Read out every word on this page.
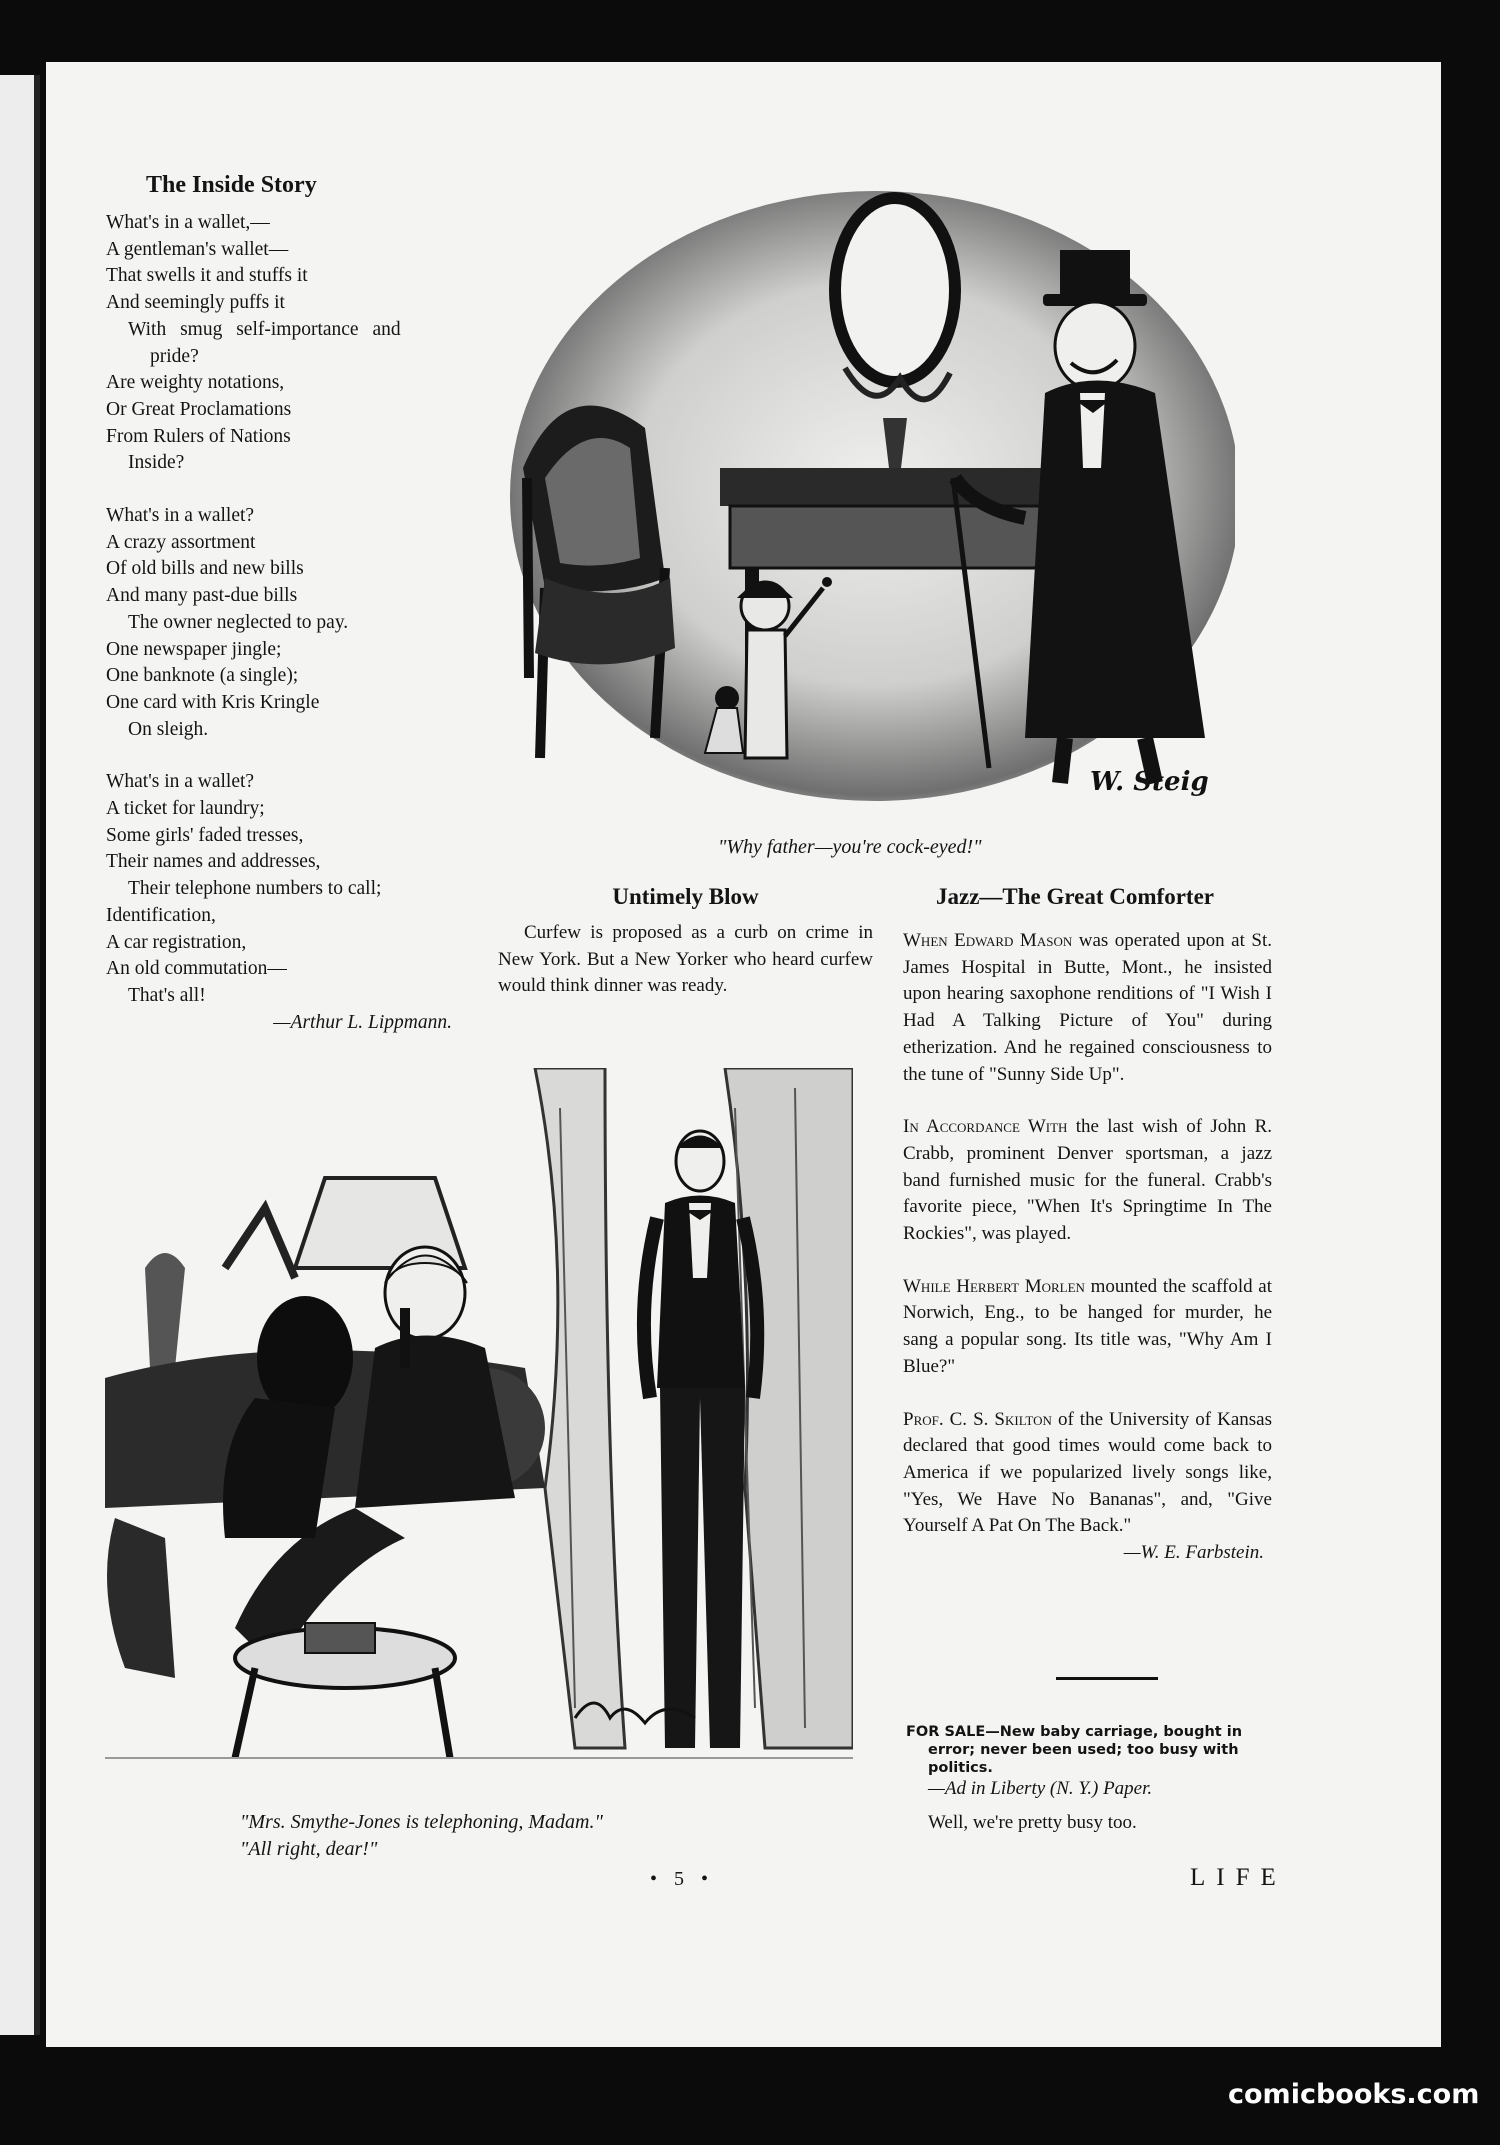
The Inside Story
What's in a wallet,—
A gentleman's wallet—
That swells it and stuffs it
And seemingly puffs it
With smug self-importance and
pride?
Are weighty notations,
Or Great Proclamations
From Rulers of Nations
Inside?
What's in a wallet?
A crazy assortment
Of old bills and new bills
And many past-due bills
The owner neglected to pay.
One newspaper jingle;
One banknote (a single);
One card with Kris Kringle
On sleigh.
What's in a wallet?
A ticket for laundry;
Some girls' faded tresses,
Their names and addresses,
Their telephone numbers to call;
Identification,
A car registration,
An old commutation—
That's all!
—Arthur L. Lippmann.
W. Steig
"Why father—you're cock-eyed!"
Untimely Blow
Curfew is proposed as a curb on crime in New York. But a New Yorker who heard curfew would think dinner was ready.
Jazz—The Great Comforter

When Edward Mason was operated upon at St. James Hospital in Butte, Mont., he insisted upon hearing saxophone renditions of "I Wish I Had A Talking Picture of You" during etherization. And he regained consciousness to the tune of "Sunny Side Up".

In Accordance With the last wish of John R. Crabb, prominent Denver sportsman, a jazz band furnished music for the funeral. Crabb's favorite piece, "When It's Springtime In The Rockies", was played.

While Herbert Morlen mounted the scaffold at Norwich, Eng., to be hanged for murder, he sang a popular song. Its title was, "Why Am I Blue?"

Prof. C. S. Skilton of the University of Kansas declared that good times would come back to America if we popularized lively songs like, "Yes, We Have No Bananas", and, "Give Yourself A Pat On The Back."

—W. E. Farbstein.
FOR SALE—New baby carriage, bought in error; never been used; too busy with politics.
—Ad in Liberty (N. Y.) Paper.
Well, we're pretty busy too.
"Mrs. Smythe-Jones is telephoning, Madam."
"All right, dear!"
• 5 •	LIFE
comicbooks.com
